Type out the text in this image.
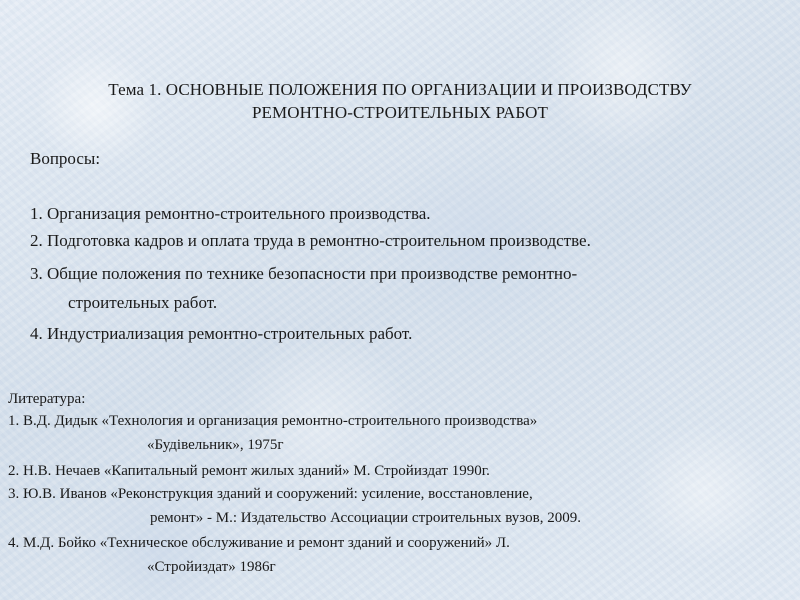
Тема 1. ОСНОВНЫЕ ПОЛОЖЕНИЯ ПО ОРГАНИЗАЦИИ И ПРОИЗВОДСТВУ
РЕМОНТНО-СТРОИТЕЛЬНЫХ РАБОТ
Вопросы:
1. Организация ремонтно-строительного производства.
2. Подготовка кадров и оплата труда в ремонтно-строительном производстве.
3. Общие положения по технике безопасности при производстве ремонтно-
строительных работ.
4. Индустриализация ремонтно-строительных работ.
Литература:
1. В.Д. Дидык «Технология и организация ремонтно-строительного производства»
«Будівельник», 1975г
2. Н.В. Нечаев «Капитальный ремонт жилых зданий» М. Стройиздат 1990г.
3. Ю.В. Иванов «Реконструкция зданий и сооружений: усиление, восстановление,
ремонт» - М.: Издательство Ассоциации строительных вузов, 2009.
4. М.Д. Бойко «Техническое обслуживание и ремонт зданий и сооружений» Л.
«Стройиздат» 1986г
